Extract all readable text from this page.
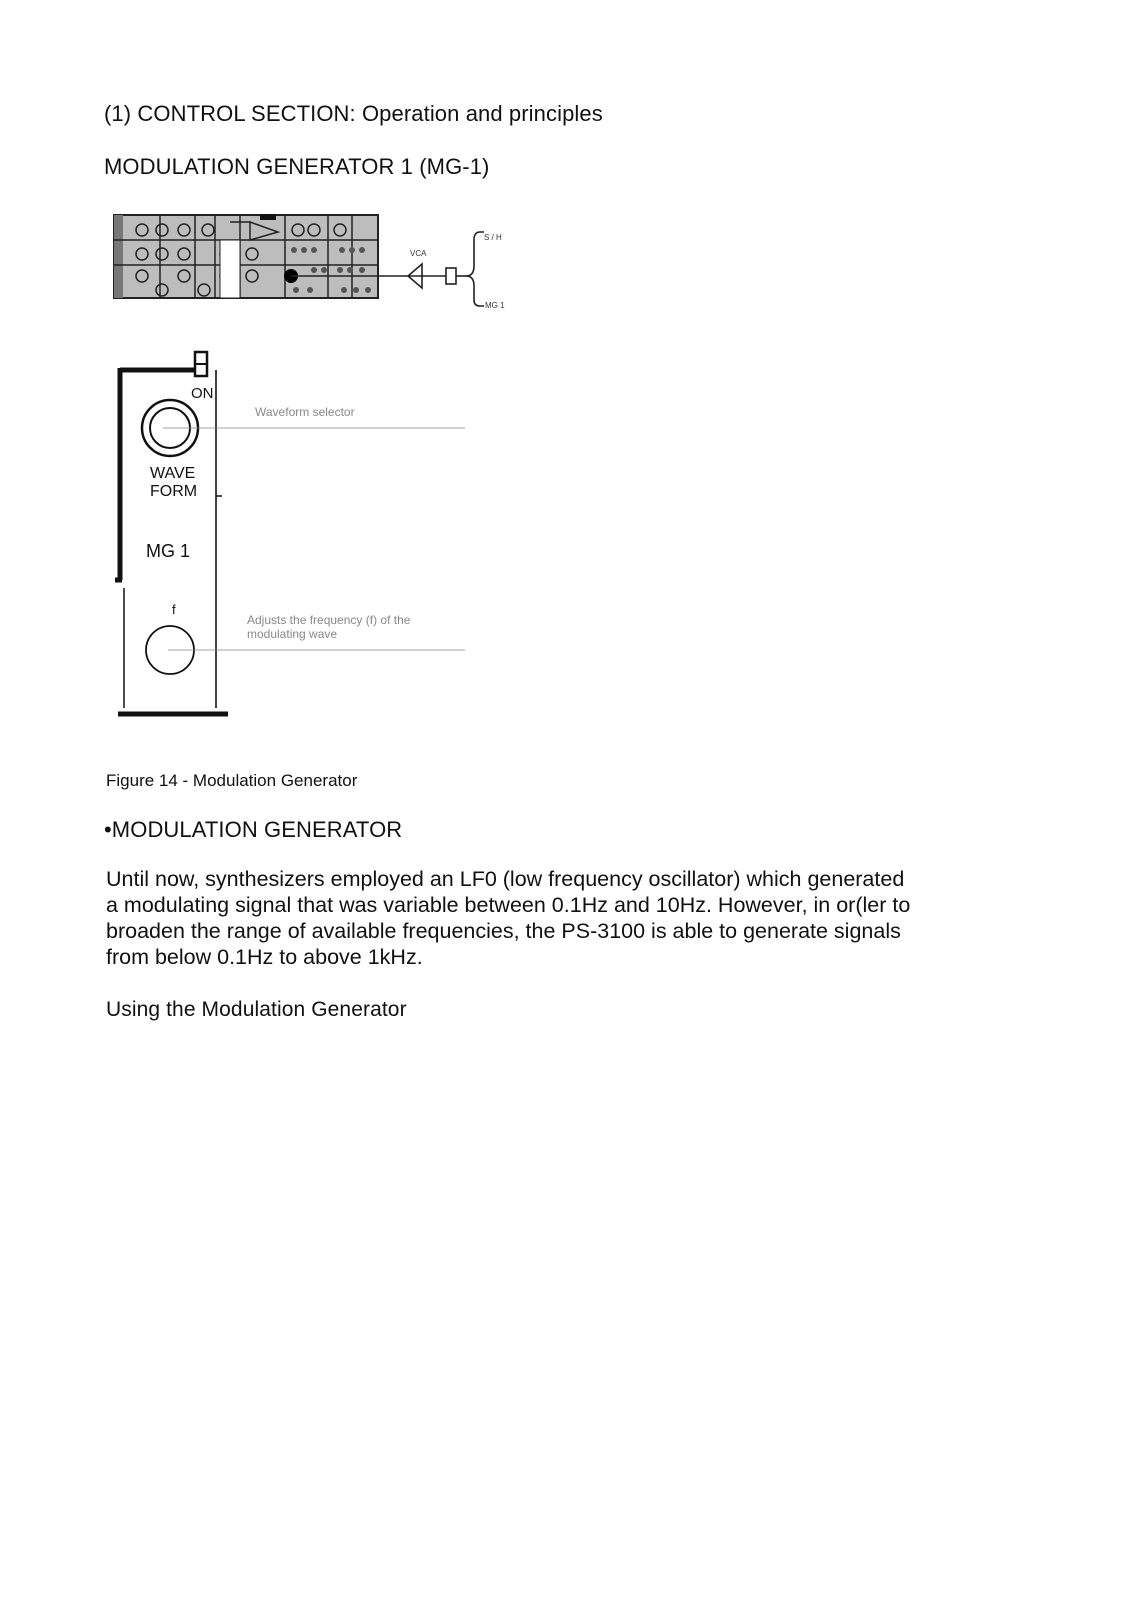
(1) CONTROL SECTION: Operation and principles
MODULATION GENERATOR 1 (MG-1)
S / H
VCA
MG 1
ON
WAVE
FORM
MG 1
f
Waveform selector
Adjusts the frequency (f) of the
modulating wave
Figure 14 - Modulation Generator
•MODULATION GENERATOR

Until now, synthesizers employed an LF0 (low frequency oscillator) which generated

a modulating signal that was variable between 0.1Hz and 10Hz. However, in or(ler to

broaden the range of available frequencies, the PS-3100 is able to generate signals

from below 0.1Hz to above 1kHz.

Using the Modulation Generator
